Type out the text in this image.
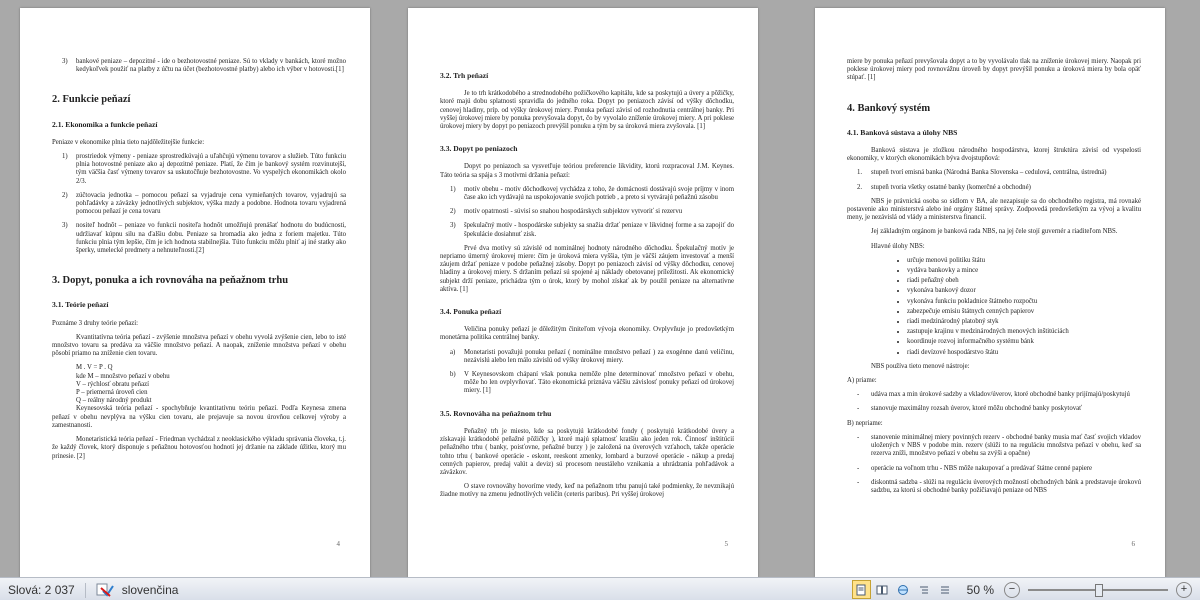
3)	bankové peniaze – depozitné - ide o bezhotovostné peniaze. Sú to vklady v bankách, ktoré možno kedykoľvek použiť na platby z účtu na účet (bezhotovostné platby) alebo ich výber v hotovosti.[1]
2. Funkcie peňazí
2.1. Ekonomika a funkcie peňazí
Peniaze v ekonomike plnia tieto najdôležitejšie funkcie:
1)	prostriedok výmeny - peniaze sprostredkúvajú a uľahčujú výmenu tovarov a služieb. Túto funkciu plnia hotovostné peniaze ako aj depozitné peniaze. Platí, že čím je bankový systém rozvinutejší, tým väčšia časť výmeny tovarov sa uskutočňuje bezhotovostne. Vo vyspelých ekonomikách okolo 2/3.
2)	zúčtovacia jednotka – pomocou peňazí sa vyjadruje cena vymieňaných tovarov, vyjadrujú sa pohľadávky a záväzky jednotlivých subjektov, výška mzdy a podobne. Hodnota tovaru vyjadrená pomocou peňazí je cena tovaru
3)	nositeľ hodnôt – peniaze vo funkcii nositeľa hodnôt umožňujú prenášať hodnotu do budúcnosti, udržiavať kúpnu silu na ďalšiu dobu. Peniaze sa hromadia ako jedna z foriem majetku. Túto funkciu plnia tým lepšie, čím je ich hodnota stabilnejšia. Túto funkciu môžu plniť aj iné statky ako šperky, umelecké predmety a nehnuteľnosti.[2]
3. Dopyt, ponuka a ich rovnováha na peňažnom trhu
3.1. Teórie peňazí
Poznáme 3 druhy teórie peňazí:
Kvantitatívna teória peňazí - zvýšenie množstva peňazí v obehu vyvolá zvýšenie cien, lebo to isté množstvo tovaru sa predáva za väčšie množstvo peňazí. A naopak, zníženie množstva peňazí v obehu pôsobí priamo na zníženie cien tovaru.
M . V = P . Q
kde M – množstvo peňazí v obehu
V – rýchlosť obratu peňazí
P – priemerná úroveň cien
Q – reálny národný produkt
Keynesovská teória peňazí - spochybňuje kvantitatívnu teóriu peňazí. Podľa Keynesa zmena peňazí v obehu nevplýva na výšku cien tovaru, ale prejavuje sa novou úrovňou celkovej výroby a zamestnanosti.
Monetaristická teória peňazí - Friedman vychádzal z neoklasického výkladu správania človeka, t.j. že každý človek, ktorý disponuje s peňažnou hotovosťou hodnotí jej držanie na základe úžitku, ktorý mu prinesie. [2]
4
3.2. Trh peňazí
Je to trh krátkodobého a strednodobého požičkového kapitálu, kde sa poskytujú a úvery a pôžičky, ktoré majú dobu splatnosti spravidla do jedného roka. Dopyt po peniazoch závisí od výšky dôchodku, cenovej hladiny, príp. od výšky úrokovej miery. Ponuka peňazí závisí od rozhodnutia centrálnej banky. Pri vyššej úrokovej miere by ponuka prevyšovala dopyt, čo by vyvolalo zníženie úrokovej miery. A pri poklese úrokovej miery by dopyt po peniazoch prevýšil ponuku a tým by sa úroková miera zvyšovala. [1]
3.3. Dopyt po peniazoch
Dopyt po peniazoch sa vysvetľuje teóriou preferencie likvidity, ktorú rozpracoval J.M. Keynes. Táto teória sa spája s 3 motívmi držania peňazí:
1)	motív obehu - motív dôchodkovej vychádza z toho, že domácnosti dostávajú svoje príjmy v inom čase ako ich vydávajú na uspokojovanie svojich potrieb , a preto si vytvárajú peňažnú zásobu
2)	motív opatrnosti - súvisí so snahou hospodárskych subjektov vytvoriť si rezervu
3)	špekulačný motív - hospodárske subjekty sa snažia držať peniaze v likvidnej forme a sa zapojiť do špekulácie dosiahnuť zisk.
Prvé dva motívy sú závislé od nominálnej hodnoty národného dôchodku. Špekulačný motív je nepriamo úmerný úrokovej miere: čím je úroková miera vyššia, tým je väčší záujem investovať a menší záujem držať peniaze v podobe peňažnej zásoby. Dopyt po peniazoch závisí od výšky dôchodku, cenovej hladiny a úrokovej miery. S držaním peňazí sú spojené aj náklady obetovanej príležitosti. Ak ekonomický subjekt drží peniaze, prichádza tým o úrok, ktorý by mohol získať ak by použil peniaze na alternatívne aktíva. [1]
3.4. Ponuka peňazí
Veličina ponuky peňazí je dôležitým činiteľom vývoja ekonomiky. Ovplyvňuje jo predovšetkým monetárna politika centrálnej banky.
a)	Monetaristi považujú ponuku peňazí ( nominálne množstvo peňazí ) za exogénne danú veličinu, nezávislú alebo len málo závislú od výšky úrokovej miery.
b)	V Keynesovskom chápaní však ponuka nemôže plne determinovať množstvo peňazí v obehu, môže ho len ovplyvňovať. Táto ekonomická priznáva väčšiu závislosť ponuky peňazí od úrokovej miery. [1]
3.5. Rovnováha na peňažnom trhu
Peňažný trh je miesto, kde sa poskytujú krátkodobé fondy ( poskytujú krátkodobé úvery a získavajú krátkodobé peňažné pôžičky ), ktoré majú splatnosť kratšiu ako jeden rok. Činnosť inštitúcií peňažného trhu ( banky, poisťovne, peňažné burzy ) je založená na úverových vzťahoch, takže operácie tohto trhu ( bankové operácie - eskont, reeskont zmenky, lombard a burzové operácie - nákup a predaj cenných papierov, predaj valút a deviz) sú procesom neustáleho vznikania a uhrádzania pohľadávok a záväzkov.
O stave rovnováhy hovoríme vtedy, keď na peňažnom trhu panujú také podmienky, že nevznikajú žiadne motívy na zmenu jednotlivých veličín (ceteris paribus). Pri vyššej úrokovej
5
miere by ponuka peňazí prevyšovala dopyt a to by vyvolávalo tlak na zníženie úrokovej miery. Naopak pri poklese úrokovej miery pod rovnovážnu úroveň by dopyt prevýšil ponuku a úroková miera by bola opäť stúpať. [1]
4. Bankový systém
4.1. Banková sústava a úlohy NBS
Banková sústava je zložkou národného hospodárstva, ktorej štruktúra závisí od vyspelosti ekonomiky, v ktorých ekonomikách býva dvojstupňová:
1.	stupeň tvorí emisná banka (Národná Banka Slovenska – cedulová, centrálna, ústredná)
2.	stupeň tvoria všetky ostatné banky (komerčné a obchodné)
NBS je právnická osoba so sídlom v BA, ale nezapisuje sa do obchodného registra, má rovnaké postavenie ako ministerstvá alebo iné orgány štátnej správy. Zodpovedá predovšetkým za vývoj a kvalitu meny, je nezávislá od vlády a ministerstva financií.
Jej základným orgánom je banková rada NBS, na jej čele stojí guvernér a riaditeľom NBS.
Hlavné úlohy NBS:
• určuje menovú politiku štátu
• vydáva bankovky a mince
• riadi peňažný obeh
• vykonáva bankový dozor
• vykonáva funkciu pokladnice štátneho rozpočtu
• zabezpečuje emisiu štátnych cenných papierov
• riadi medzinárodný platobný styk
• zastupuje krajinu v medzinárodných menových inštitúciách
• koordinuje rozvoj informačného systému bánk
• riadi devízové hospodárstvo štátu
NBS používa tieto menové nástroje:
A) priame:
-	udáva max a min úrokové sadzby a vkladov/úverov, ktoré obchodné banky prijímajú/poskytujú
-	stanovuje maximálny rozsah úverov, ktoré môžu obchodné banky poskytovať
B) nepriame:
-	stanovenie minimálnej miery povinných rezerv - obchodné banky musia mať časť svojich vkladov uložených v NBS v podobe min. rezerv (slúži to na reguláciu množstva peňazí v obehu, keď sa rezerva zníži, množstvo peňazí v obehu sa zvýši a opačne)
-	operácie na voľnom trhu - NBS môže nakupovať a predávať štátne cenné papiere
-	diskontná sadzba - slúži na reguláciu úverových možností obchodných bánk a predstavuje úrokovú sadzbu, za ktorú si obchodné banky požičiavajú peniaze od NBS
6
Slová: 2 037	slovenčina	50 %	−	+
